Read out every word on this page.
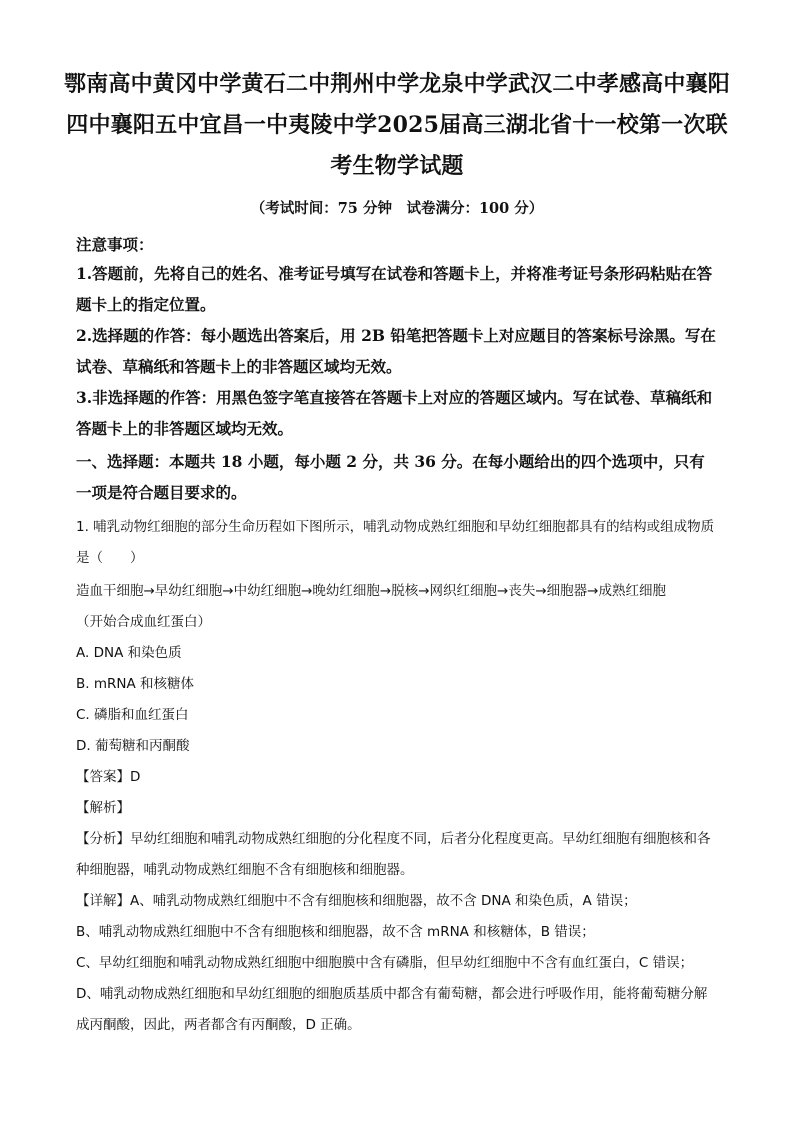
鄂南高中黄冈中学黄石二中荆州中学龙泉中学武汉二中孝感高中襄阳四中襄阳五中宜昌一中夷陵中学2025届高三湖北省十一校第一次联考生物学试题
（考试时间：75 分钟　试卷满分：100 分）
注意事项：

1.答题前，先将自己的姓名、准考证号填写在试卷和答题卡上，并将准考证号条形码粘贴在答题卡上的指定位置。

2.选择题的作答：每小题选出答案后，用 2B 铅笔把答题卡上对应题目的答案标号涂黑。写在试卷、草稿纸和答题卡上的非答题区域均无效。

3.非选择题的作答：用黑色签字笔直接答在答题卡上对应的答题区域内。写在试卷、草稿纸和答题卡上的非答题区域均无效。

一、选择题：本题共 18 小题，每小题 2 分，共 36 分。在每小题给出的四个选项中，只有一项是符合题目要求的。

1. 哺乳动物红细胞的部分生命历程如下图所示，哺乳动物成熟红细胞和早幼红细胞都具有的结构或组成物质是（　　）

造血干细胞→早幼红细胞→中幼红细胞→晚幼红细胞→脱核→网织红细胞→丧失→细胞器→成熟红细胞

（开始合成血红蛋白）

A. DNA 和染色质

B. mRNA 和核糖体

C. 磷脂和血红蛋白

D. 葡萄糖和丙酮酸

【答案】D

【解析】

【分析】早幼红细胞和哺乳动物成熟红细胞的分化程度不同，后者分化程度更高。早幼红细胞有细胞核和各种细胞器，哺乳动物成熟红细胞不含有细胞核和细胞器。

【详解】A、哺乳动物成熟红细胞中不含有细胞核和细胞器，故不含 DNA 和染色质，A 错误；

B、哺乳动物成熟红细胞中不含有细胞核和细胞器，故不含 mRNA 和核糖体，B 错误；

C、早幼红细胞和哺乳动物成熟红细胞中细胞膜中含有磷脂，但早幼红细胞中不含有血红蛋白，C 错误；

D、哺乳动物成熟红细胞和早幼红细胞的细胞质基质中都含有葡萄糖，都会进行呼吸作用，能将葡萄糖分解成丙酮酸，因此，两者都含有丙酮酸，D 正确。
